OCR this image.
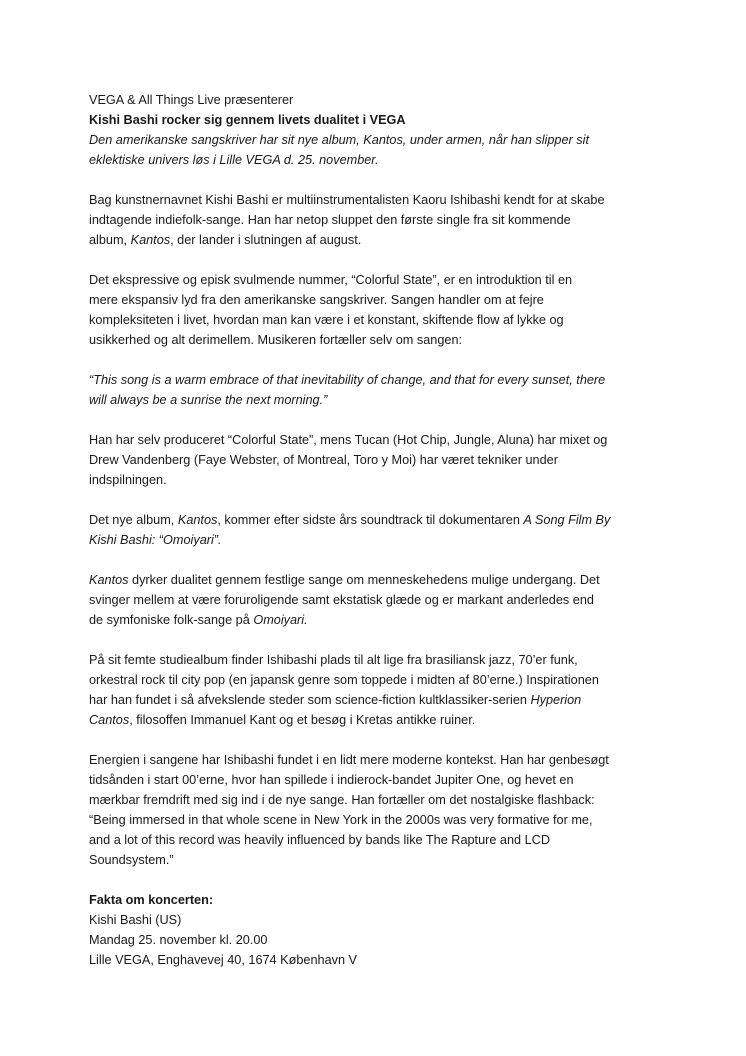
VEGA & All Things Live præsenterer

Kishi Bashi rocker sig gennem livets dualitet i VEGA

Den amerikanske sangskriver har sit nye album, Kantos, under armen, når han slipper sit
eklektiske univers løs i Lille VEGA d. 25. november.

Bag kunstnernavnet Kishi Bashi er multiinstrumentalisten Kaoru Ishibashi kendt for at skabe
indtagende indiefolk-sange. Han har netop sluppet den første single fra sit kommende
album, Kantos, der lander i slutningen af august.

Det ekspressive og episk svulmende nummer, “Colorful State”, er en introduktion til en
mere ekspansiv lyd fra den amerikanske sangskriver. Sangen handler om at fejre
kompleksiteten i livet, hvordan man kan være i et konstant, skiftende flow af lykke og
usikkerhed og alt derimellem. Musikeren fortæller selv om sangen:

“This song is a warm embrace of that inevitability of change, and that for every sunset, there
will always be a sunrise the next morning.”

Han har selv produceret “Colorful State”, mens Tucan (Hot Chip, Jungle, Aluna) har mixet og
Drew Vandenberg (Faye Webster, of Montreal, Toro y Moi) har været tekniker under
indspilningen.

Det nye album, Kantos, kommer efter sidste års soundtrack til dokumentaren A Song Film By
Kishi Bashi: “Omoiyari”.

Kantos dyrker dualitet gennem festlige sange om menneskehedens mulige undergang. Det
svinger mellem at være foruroligende samt ekstatisk glæde og er markant anderledes end
de symfoniske folk-sange på Omoiyari.

På sit femte studiealbum finder Ishibashi plads til alt lige fra brasiliansk jazz, 70’er funk,
orkestral rock til city pop (en japansk genre som toppede i midten af 80’erne.) Inspirationen
har han fundet i så afvekslende steder som science-fiction kultklassiker-serien Hyperion
Cantos, filosoffen Immanuel Kant og et besøg i Kretas antikke ruiner.

Energien i sangene har Ishibashi fundet i en lidt mere moderne kontekst. Han har genbesøgt
tidsånden i start 00’erne, hvor han spillede i indierock-bandet Jupiter One, og hevet en
mærkbar fremdrift med sig ind i de nye sange. Han fortæller om det nostalgiske flashback:
“Being immersed in that whole scene in New York in the 2000s was very formative for me,
and a lot of this record was heavily influenced by bands like The Rapture and LCD
Soundsystem.”

Fakta om koncerten:

Kishi Bashi (US)

Mandag 25. november kl. 20.00

Lille VEGA, Enghavevej 40, 1674 København V
